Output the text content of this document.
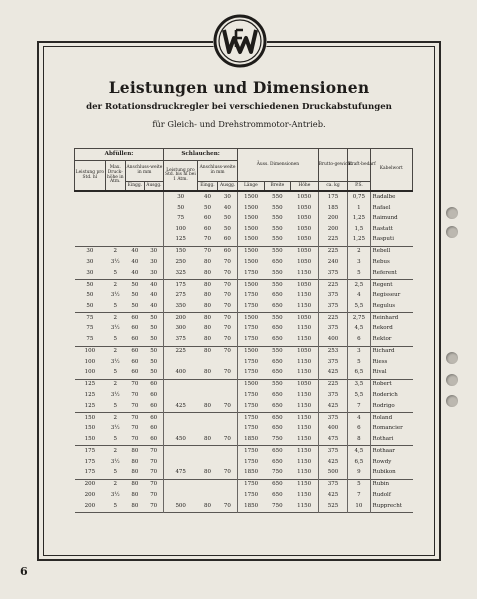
Leistungen und Dimensionen
der Rotationsdruckregler bei verschiedenen Druckabstufungen
für Gleich- und Drehstrommotor-Antrieb.
Abfüllen:				Schlauchen:			Äuss. Dimensionen			Brutto-gewicht	Kraft-bedarf	Kabelwort
Leistung pro Std. hl	Max. Druck-höhe in Atm.	Anschluss-weite in mm		Leistung pro Std. bis hl bei 1 Atm.	Anschluss-weite in mm							
		Eingg.	Ausgg.		Eingg.	Ausgg.	Länge	Breite	Höhe	ca. kg	P.S.	
				30	40	30	1500	550	1050	175	0,75	Radalbe
				50	50	40	1500	550	1050	185	1	Rafael
				75	60	50	1500	550	1050	200	1,25	Raimund
				100	60	50	1500	550	1050	200	1,5	Rastatt
				125	70	60	1500	550	1050	225	1,25	Rasputi
30	2	40	30	150	70	60	1500	550	1050	225	2	Rebell
30	3½	40	30	250	80	70	1500	650	1050	240	3	Rebus
30	5	40	30	325	80	70	1750	550	1150	375	5	Referent
50	2	50	40	175	80	70	1500	550	1050	225	2,5	Regent
50	3½	50	40	275	80	70	1750	650	1150	375	4	Regisseur
50	5	50	40	350	80	70	1750	650	1150	375	5,5	Regulus
75	2	60	50	200	80	70	1500	550	1050	225	2,75	Reinhard
75	3½	60	50	300	80	70	1750	650	1150	375	4,5	Rekord
75	5	60	50	375	80	70	1750	650	1150	400	6	Rektor
100	2	60	50	225	80	70	1500	550	1050	253	3	Richard
100	3½	60	50				1750	650	1150	375	5	Riess
100	5	60	50	400	80	70	1750	650	1150	425	6,5	Rival
125	2	70	60				1500	550	1050	225	3,5	Robert
125	3½	70	60				1750	650	1150	375	5,5	Roderich
125	5	70	60	425	80	70	1750	650	1150	425	7	Rodrigo
150	2	70	60				1750	650	1150	375	4	Roland
150	3½	70	60				1750	650	1150	400	6	Romancier
150	5	70	60	450	80	70	1850	750	1150	475	8	Rothari
175	2	80	70				1750	650	1150	375	4,5	Rothaar
175	3½	80	70				1750	650	1150	425	6,5	Rowdy
175	5	80	70	475	80	70	1850	750	1150	500	9	Rubikon
200	2	80	70				1750	650	1150	375	5	Rubin
200	3½	80	70				1750	650	1150	425	7	Rudolf
200	5	80	70	500	80	70	1850	750	1150	525	10	Rupprecht
6
